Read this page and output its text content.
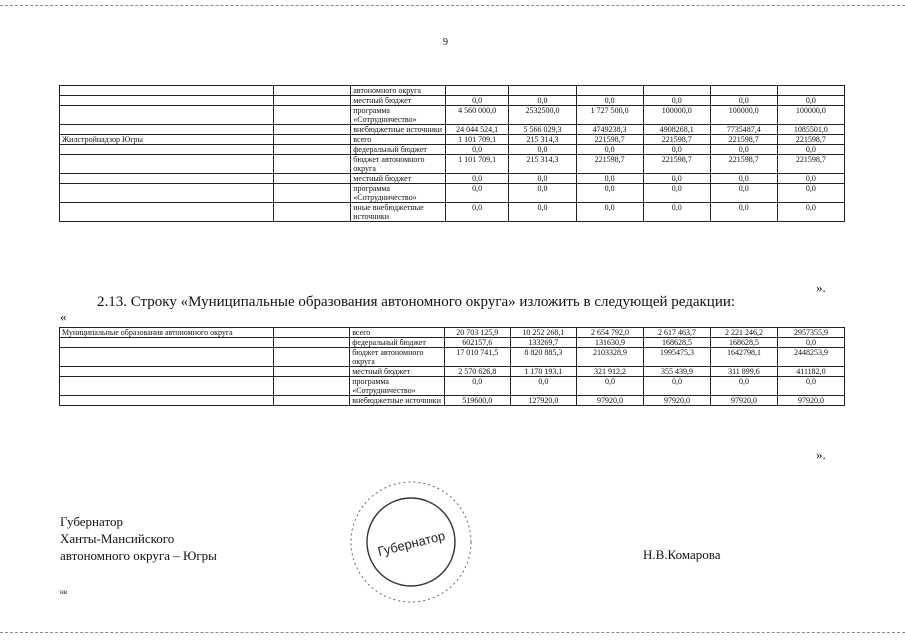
9
		автономного округа						
		местный бюджет	0,0	0,0	0,0	0,0	0,0	0,0
		программа «Сотрудничество»	4 560 000,0	2532500,0	1 727 500,0	100000,0	100000,0	100000,0
		внебюджетные источники	24 044 524,1	5 566 029,3	4749238,3	4908268,1	7735487,4	1085501,0
Жилстройнадзор Югры		всего	1 101 709,1	215 314,3	221598,7	221598,7	221598,7	221598,7
		федеральный бюджет	0,0	0,0	0,0	0,0	0,0	0,0
		бюджет автономного округа	1 101 709,1	215 314,3	221598,7	221598,7	221598,7	221598,7
		местный бюджет	0,0	0,0	0,0	0,0	0,0	0,0
		программа «Сотрудничество»	0,0	0,0	0,0	0,0	0,0	0,0
		иные внебюджетные источники	0,0	0,0	0,0	0,0	0,0	0,0
».
2.13. Строку «Муниципальные образования автономного округа» изложить в следующей редакции:
«
Муниципальные образования автономного округа		всего	20 703 125,9	10 252 268,1	2 654 792,0	2 617 463,7	2 221 246,2	2957355,9
		федеральный бюджет	602157,6	133269,7	131630,9	168628,5	168628,5	0,0
		бюджет автономного округа	17 010 741,5	8 820 885,3	2103328,9	1995475,3	1642798,1	2448253,9
		местный бюджет	2 570 626,8	1 170 193,1	321 912,2	355 439,9	311 899,6	411182,0
		программа «Сотрудничество»	0,0	0,0	0,0	0,0	0,0	0,0
		внебюджетные источники	519600,0	127920,0	97920,0	97920,0	97920,0	97920,0
».
Губернатор
Ханты-Мансийского
автономного округа – Югры	Н.В.Комарова
Губернатор
нв
